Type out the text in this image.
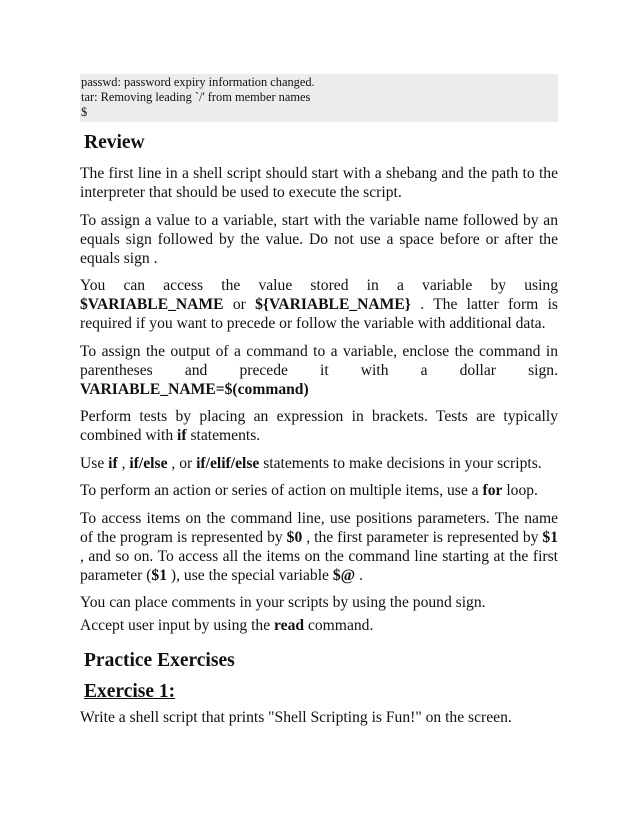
passwd: password expiry information changed.
tar: Removing leading `/' from member names
$
Review

The first line in a shell script should start with a shebang and the path to the interpreter that should be used to execute the script.

To assign a value to a variable, start with the variable name followed by an equals sign followed by the value. Do not use a space before or after the equals sign .

You can access the value stored in a variable by using

$VARIABLE_NAME or ${VARIABLE_NAME} . The latter form is required if you want to precede or follow the variable with additional data.

To assign the output of a command to a variable, enclose the command in parentheses and precede it with a dollar sign.

VARIABLE_NAME=$(command)

Perform tests by placing an expression in brackets. Tests are typically combined with if statements.

Use if , if/else , or if/elif/else statements to make decisions in your scripts.

To perform an action or series of action on multiple items, use a for loop.

To access items on the command line, use positions parameters. The name of the program is represented by $0 , the first parameter is represented by $1 , and so on. To access all the items on the command line starting at the first parameter ($1 ), use the special variable $@ .

You can place comments in your scripts by using the pound sign.

Accept user input by using the read command.

Practice Exercises
Exercise 1:

Write a shell script that prints "Shell Scripting is Fun!" on the screen.
